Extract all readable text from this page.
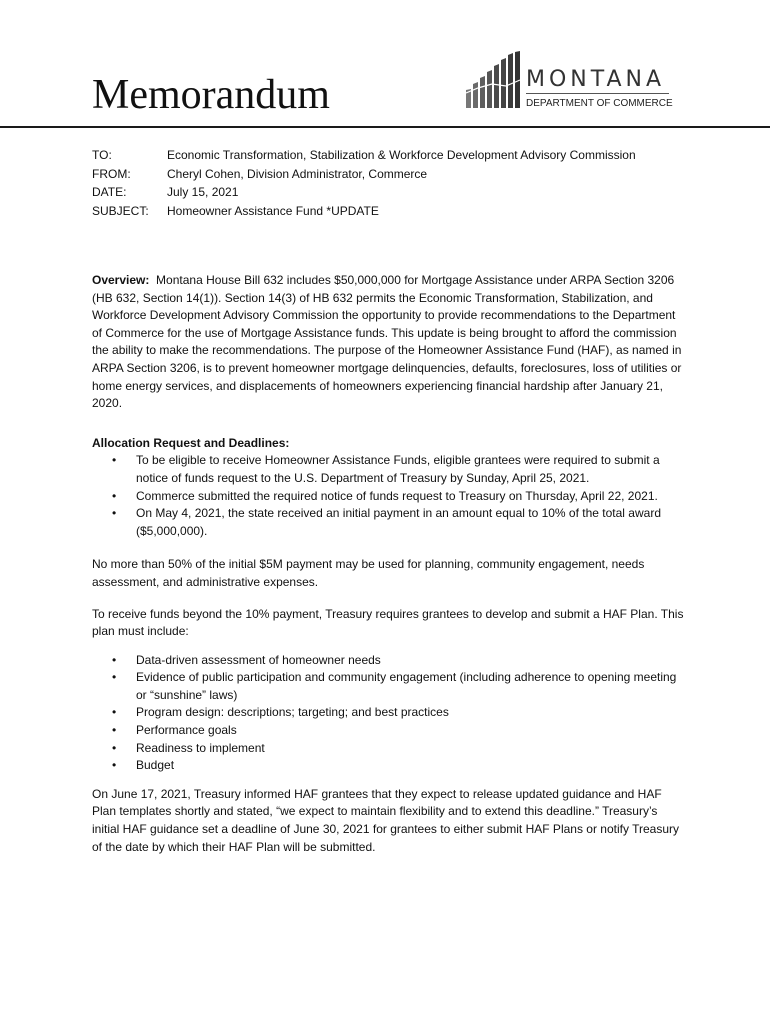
Memorandum	MONTANA
DEPARTMENT OF COMMERCE
TO:	Economic Transformation, Stabilization & Workforce Development Advisory Commission
FROM:	Cheryl Cohen, Division Administrator, Commerce
DATE:	July 15, 2021
SUBJECT:	Homeowner Assistance Fund *UPDATE

Overview: Montana House Bill 632 includes $50,000,000 for Mortgage Assistance under ARPA Section 3206 (HB 632, Section 14(1)). Section 14(3) of HB 632 permits the Economic Transformation, Stabilization, and Workforce Development Advisory Commission the opportunity to provide recommendations to the Department of Commerce for the use of Mortgage Assistance funds. This update is being brought to afford the commission the ability to make the recommendations. The purpose of the Homeowner Assistance Fund (HAF), as named in ARPA Section 3206, is to prevent homeowner mortgage delinquencies, defaults, foreclosures, loss of utilities or home energy services, and displacements of homeowners experiencing financial hardship after January 21, 2020.

Allocation Request and Deadlines:

• To be eligible to receive Homeowner Assistance Funds, eligible grantees were required to submit a notice of funds request to the U.S. Department of Treasury by Sunday, April 25, 2021.
• Commerce submitted the required notice of funds request to Treasury on Thursday, April 22, 2021.
• On May 4, 2021, the state received an initial payment in an amount equal to 10% of the total award ($5,000,000).

No more than 50% of the initial $5M payment may be used for planning, community engagement, needs assessment, and administrative expenses.

To receive funds beyond the 10% payment, Treasury requires grantees to develop and submit a HAF Plan. This plan must include:

• Data-driven assessment of homeowner needs
• Evidence of public participation and community engagement (including adherence to opening meeting or “sunshine” laws)
• Program design: descriptions; targeting; and best practices
• Performance goals
• Readiness to implement
• Budget

On June 17, 2021, Treasury informed HAF grantees that they expect to release updated guidance and HAF Plan templates shortly and stated, “we expect to maintain flexibility and to extend this deadline.” Treasury’s initial HAF guidance set a deadline of June 30, 2021 for grantees to either submit HAF Plans or notify Treasury of the date by which their HAF Plan will be submitted.
